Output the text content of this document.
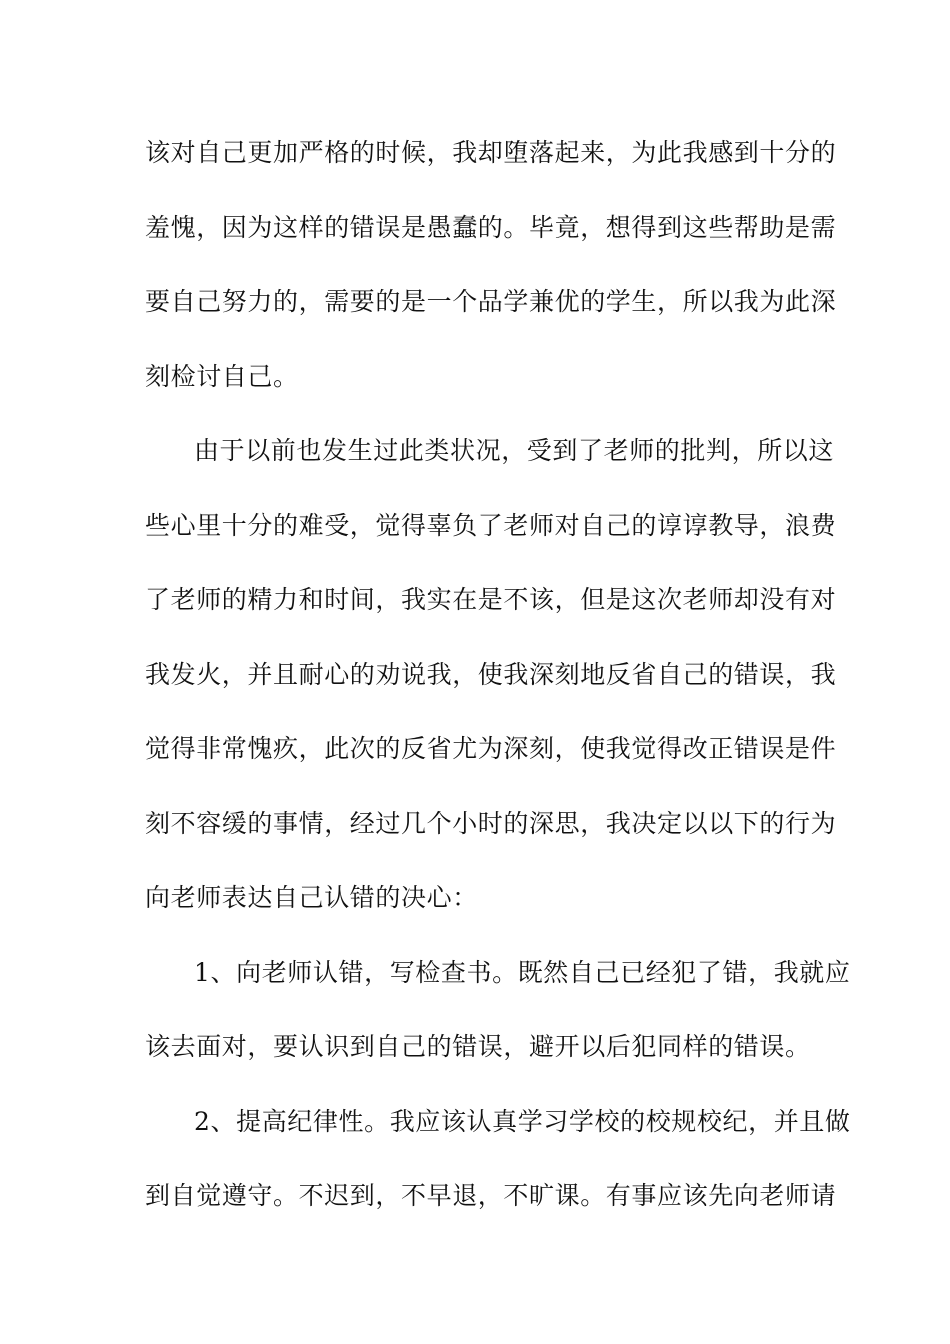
该对自己更加严格的时候，我却堕落起来，为此我感到十分的
羞愧，因为这样的错误是愚蠢的。毕竟，想得到这些帮助是需
要自己努力的，需要的是一个品学兼优的学生，所以我为此深
刻检讨自己。
由于以前也发生过此类状况，受到了老师的批判，所以这
些心里十分的难受，觉得辜负了老师对自己的谆谆教导，浪费
了老师的精力和时间，我实在是不该，但是这次老师却没有对
我发火，并且耐心的劝说我，使我深刻地反省自己的错误，我
觉得非常愧疚，此次的反省尤为深刻，使我觉得改正错误是件
刻不容缓的事情，经过几个小时的深思，我决定以以下的行为
向老师表达自己认错的决心：
1、向老师认错，写检查书。既然自己已经犯了错，我就应
该去面对，要认识到自己的错误，避开以后犯同样的错误。
2、提高纪律性。我应该认真学习学校的校规校纪，并且做
到自觉遵守。不迟到，不早退，不旷课。有事应该先向老师请
